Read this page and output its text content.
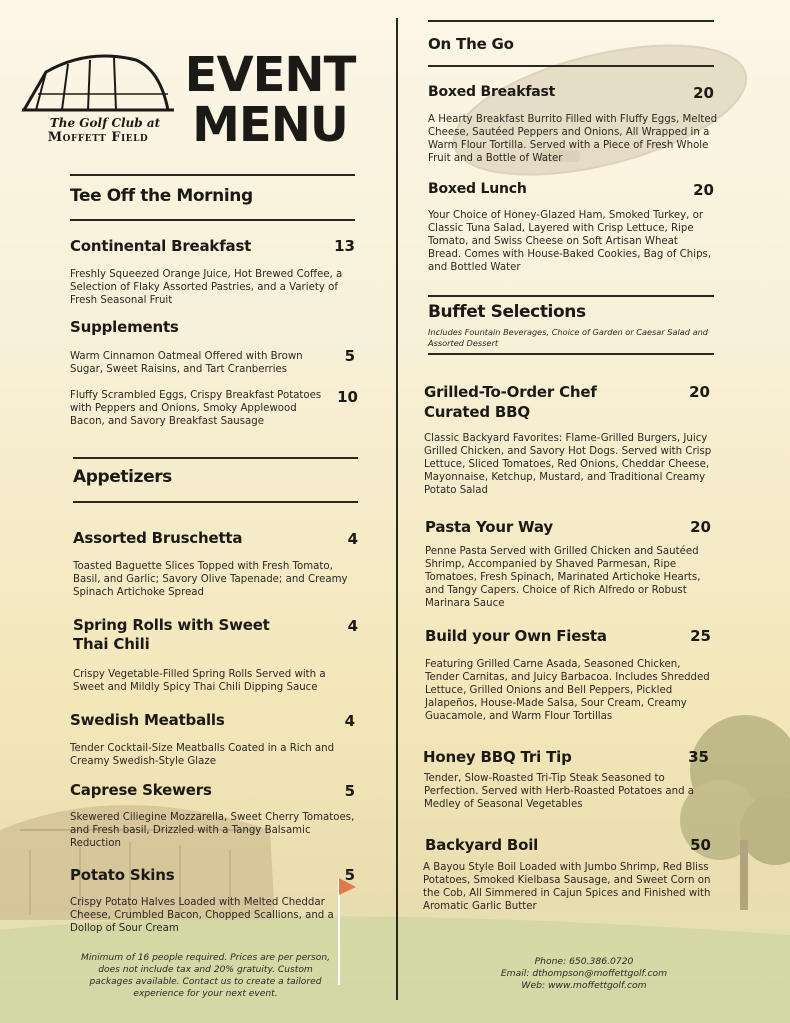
The Golf Club at
Moffett Field
EVENT
MENU
Tee Off the Morning
Continental Breakfast	13
Freshly Squeezed Orange Juice, Hot Brewed Coffee, a Selection of Flaky Assorted Pastries, and a Variety of Fresh Seasonal Fruit
Supplements
Warm Cinnamon Oatmeal Offered with Brown Sugar, Sweet Raisins, and Tart Cranberries
5
Fluffy Scrambled Eggs, Crispy Breakfast Potatoes with Peppers and Onions, Smoky Applewood Bacon, and Savory Breakfast Sausage
10
Appetizers
Assorted Bruschetta	4
Toasted Baguette Slices Topped with Fresh Tomato, Basil, and Garlic; Savory Olive Tapenade; and Creamy Spinach Artichoke Spread
Spring Rolls with Sweet Thai Chili
4
Crispy Vegetable-Filled Spring Rolls Served with a Sweet and Mildly Spicy Thai Chili Dipping Sauce
Swedish Meatballs	4
Tender Cocktail-Size Meatballs Coated in a Rich and Creamy Swedish-Style Glaze
Caprese Skewers	5
Skewered Ciliegine Mozzarella, Sweet Cherry Tomatoes, and Fresh basil, Drizzled with a Tangy Balsamic Reduction
Potato Skins	5
Crispy Potato Halves Loaded with Melted Cheddar Cheese, Crumbled Bacon, Chopped Scallions, and a Dollop of Sour Cream
Minimum of 16 people required. Prices are per person, does not include tax and 20% gratuity. Custom packages available. Contact us to create a tailored experience for your next event.
On The Go
Boxed Breakfast	20
A Hearty Breakfast Burrito Filled with Fluffy Eggs, Melted Cheese, Sautéed Peppers and Onions, All Wrapped in a Warm Flour Tortilla. Served with a Piece of Fresh Whole Fruit and a Bottle of Water
Boxed Lunch	20
Your Choice of Honey-Glazed Ham, Smoked Turkey, or Classic Tuna Salad, Layered with Crisp Lettuce, Ripe Tomato, and Swiss Cheese on Soft Artisan Wheat Bread. Comes with House-Baked Cookies, Bag of Chips, and Bottled Water
Buffet Selections
Includes Fountain Beverages, Choice of Garden or Caesar Salad and Assorted Dessert
Grilled-To-Order Chef Curated BBQ
20
Classic Backyard Favorites: Flame-Grilled Burgers, Juicy Grilled Chicken, and Savory Hot Dogs. Served with Crisp Lettuce, Sliced Tomatoes, Red Onions, Cheddar Cheese, Mayonnaise, Ketchup, Mustard, and Traditional Creamy Potato Salad
Pasta Your Way	20
Penne Pasta Served with Grilled Chicken and Sautéed Shrimp, Accompanied by Shaved Parmesan, Ripe Tomatoes, Fresh Spinach, Marinated Artichoke Hearts, and Tangy Capers. Choice of Rich Alfredo or Robust Marinara Sauce
Build your Own Fiesta	25
Featuring Grilled Carne Asada, Seasoned Chicken, Tender Carnitas, and Juicy Barbacoa. Includes Shredded Lettuce, Grilled Onions and Bell Peppers, Pickled Jalapeños, House-Made Salsa, Sour Cream, Creamy Guacamole, and Warm Flour Tortillas
Honey BBQ Tri Tip	35
Tender, Slow-Roasted Tri-Tip Steak Seasoned to Perfection. Served with Herb-Roasted Potatoes and a Medley of Seasonal Vegetables
Backyard Boil	50
A Bayou Style Boil Loaded with Jumbo Shrimp, Red Bliss Potatoes, Smoked Kielbasa Sausage, and Sweet Corn on the Cob, All Simmered in Cajun Spices and Finished with Aromatic Garlic Butter
Phone: 650.386.0720
Email: dthompson@moffettgolf.com
Web: www.moffettgolf.com
